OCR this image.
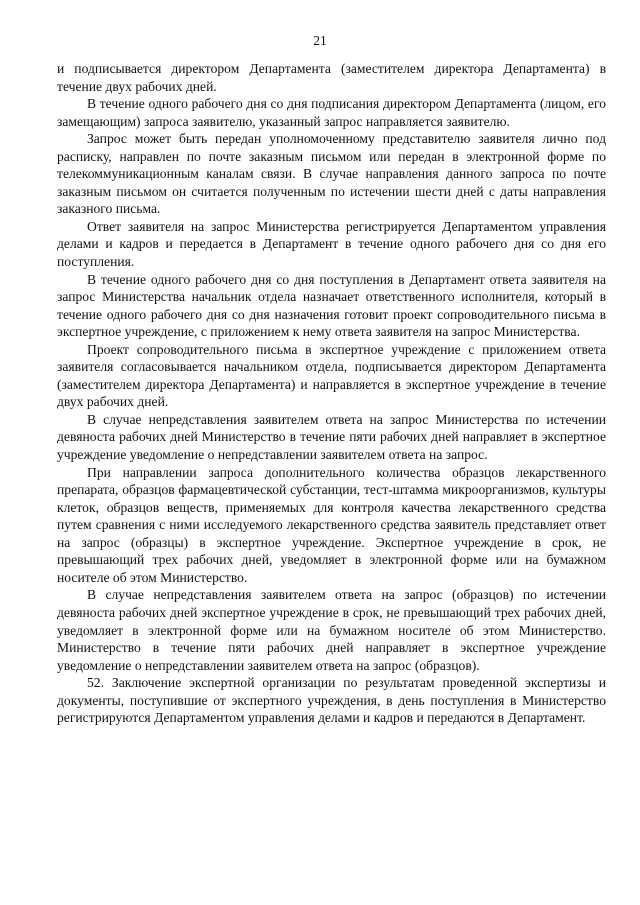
21

и подписывается директором Департамента (заместителем директора Департамента) в течение двух рабочих дней.

В течение одного рабочего дня со дня подписания директором Департамента (лицом, его замещающим) запроса заявителю, указанный запрос направляется заявителю.

Запрос может быть передан уполномоченному представителю заявителя лично под расписку, направлен по почте заказным письмом или передан в электронной форме по телекоммуникационным каналам связи. В случае направления данного запроса по почте заказным письмом он считается полученным по истечении шести дней с даты направления заказного письма.

Ответ заявителя на запрос Министерства регистрируется Департаментом управления делами и кадров и передается в Департамент в течение одного рабочего дня со дня его поступления.

В течение одного рабочего дня со дня поступления в Департамент ответа заявителя на запрос Министерства начальник отдела назначает ответственного исполнителя, который в течение одного рабочего дня со дня назначения готовит проект сопроводительного письма в экспертное учреждение, с приложением к нему ответа заявителя на запрос Министерства.

Проект сопроводительного письма в экспертное учреждение с приложением ответа заявителя согласовывается начальником отдела, подписывается директором Департамента (заместителем директора Департамента) и направляется в экспертное учреждение в течение двух рабочих дней.

В случае непредставления заявителем ответа на запрос Министерства по истечении девяноста рабочих дней Министерство в течение пяти рабочих дней направляет в экспертное учреждение уведомление о непредставлении заявителем ответа на запрос.

При направлении запроса дополнительного количества образцов лекарственного препарата, образцов фармацевтической субстанции, тест-штамма микроорганизмов, культуры клеток, образцов веществ, применяемых для контроля качества лекарственного средства путем сравнения с ними исследуемого лекарственного средства заявитель представляет ответ на запрос (образцы) в экспертное учреждение. Экспертное учреждение в срок, не превышающий трех рабочих дней, уведомляет в электронной форме или на бумажном носителе об этом Министерство.

В случае непредставления заявителем ответа на запрос (образцов) по истечении девяноста рабочих дней экспертное учреждение в срок, не превышающий трех рабочих дней, уведомляет в электронной форме или на бумажном носителе об этом Министерство. Министерство в течение пяти рабочих дней направляет в экспертное учреждение уведомление о непредставлении заявителем ответа на запрос (образцов).

52. Заключение экспертной организации по результатам проведенной экспертизы и документы, поступившие от экспертного учреждения, в день поступления в Министерство регистрируются Департаментом управления делами и кадров и передаются в Департамент.
